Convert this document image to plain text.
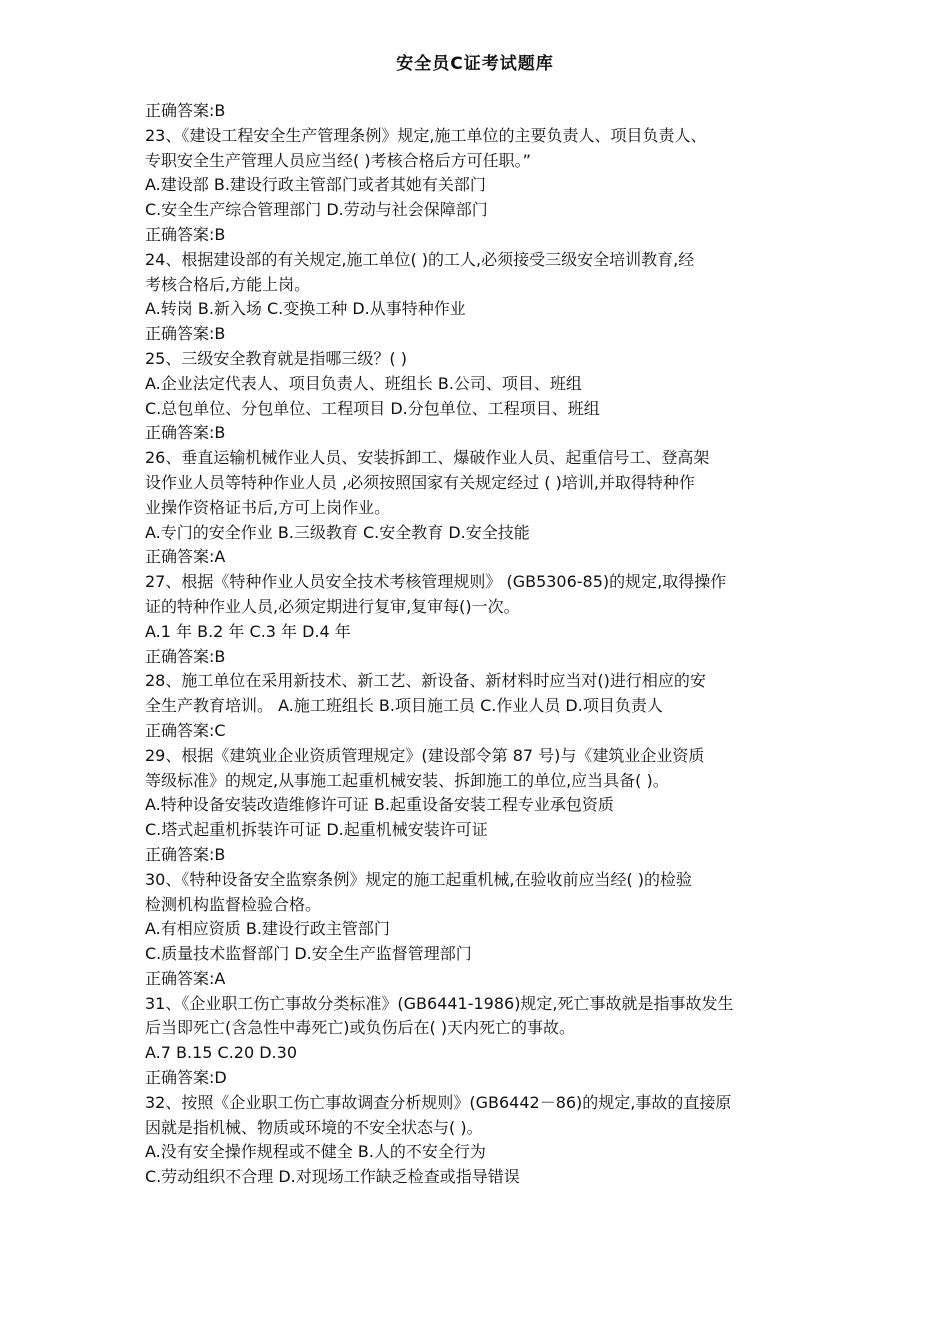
安全员C证考试题库
正确答案:B
23、《建设工程安全生产管理条例》规定,施工单位的主要负责人、项目负责人、
专职安全生产管理人员应当经( )考核合格后方可任职。”
A.建设部 B.建设行政主管部门或者其她有关部门
C.安全生产综合管理部门 D.劳动与社会保障部门
正确答案:B
24、根据建设部的有关规定,施工单位( )的工人,必须接受三级安全培训教育,经
考核合格后,方能上岗。
A.转岗 B.新入场 C.变换工种 D.从事特种作业
正确答案:B
25、三级安全教育就是指哪三级？( )
A.企业法定代表人、项目负责人、班组长 B.公司、项目、班组
C.总包单位、分包单位、工程项目 D.分包单位、工程项目、班组
正确答案:B
26、垂直运输机械作业人员、安装拆卸工、爆破作业人员、起重信号工、登高架
设作业人员等特种作业人员 ,必须按照国家有关规定经过 ( )培训,并取得特种作
业操作资格证书后,方可上岗作业。
A.专门的安全作业 B.三级教育 C.安全教育 D.安全技能
正确答案:A
27、根据《特种作业人员安全技术考核管理规则》 (GB5306-85)的规定,取得操作
证的特种作业人员,必须定期进行复审,复审每()一次。
A.1 年 B.2 年 C.3 年 D.4 年
正确答案:B
28、施工单位在采用新技术、新工艺、新设备、新材料时应当对()进行相应的安
全生产教育培训。 A.施工班组长 B.项目施工员 C.作业人员 D.项目负责人
正确答案:C
29、根据《建筑业企业资质管理规定》(建设部令第 87 号)与《建筑业企业资质
等级标准》的规定,从事施工起重机械安装、拆卸施工的单位,应当具备( )。
A.特种设备安装改造维修许可证 B.起重设备安装工程专业承包资质
C.塔式起重机拆装许可证 D.起重机械安装许可证
正确答案:B
30、《特种设备安全监察条例》规定的施工起重机械,在验收前应当经( )的检验
检测机构监督检验合格。
A.有相应资质 B.建设行政主管部门
C.质量技术监督部门 D.安全生产监督管理部门
正确答案:A
31、《企业职工伤亡事故分类标准》(GB6441-1986)规定,死亡事故就是指事故发生
后当即死亡(含急性中毒死亡)或负伤后在( )天内死亡的事故。
A.7 B.15 C.20 D.30
正确答案:D
32、按照《企业职工伤亡事故调查分析规则》(GB6442－86)的规定,事故的直接原
因就是指机械、物质或环境的不安全状态与( )。
A.没有安全操作规程或不健全 B.人的不安全行为
C.劳动组织不合理 D.对现场工作缺乏检查或指导错误
